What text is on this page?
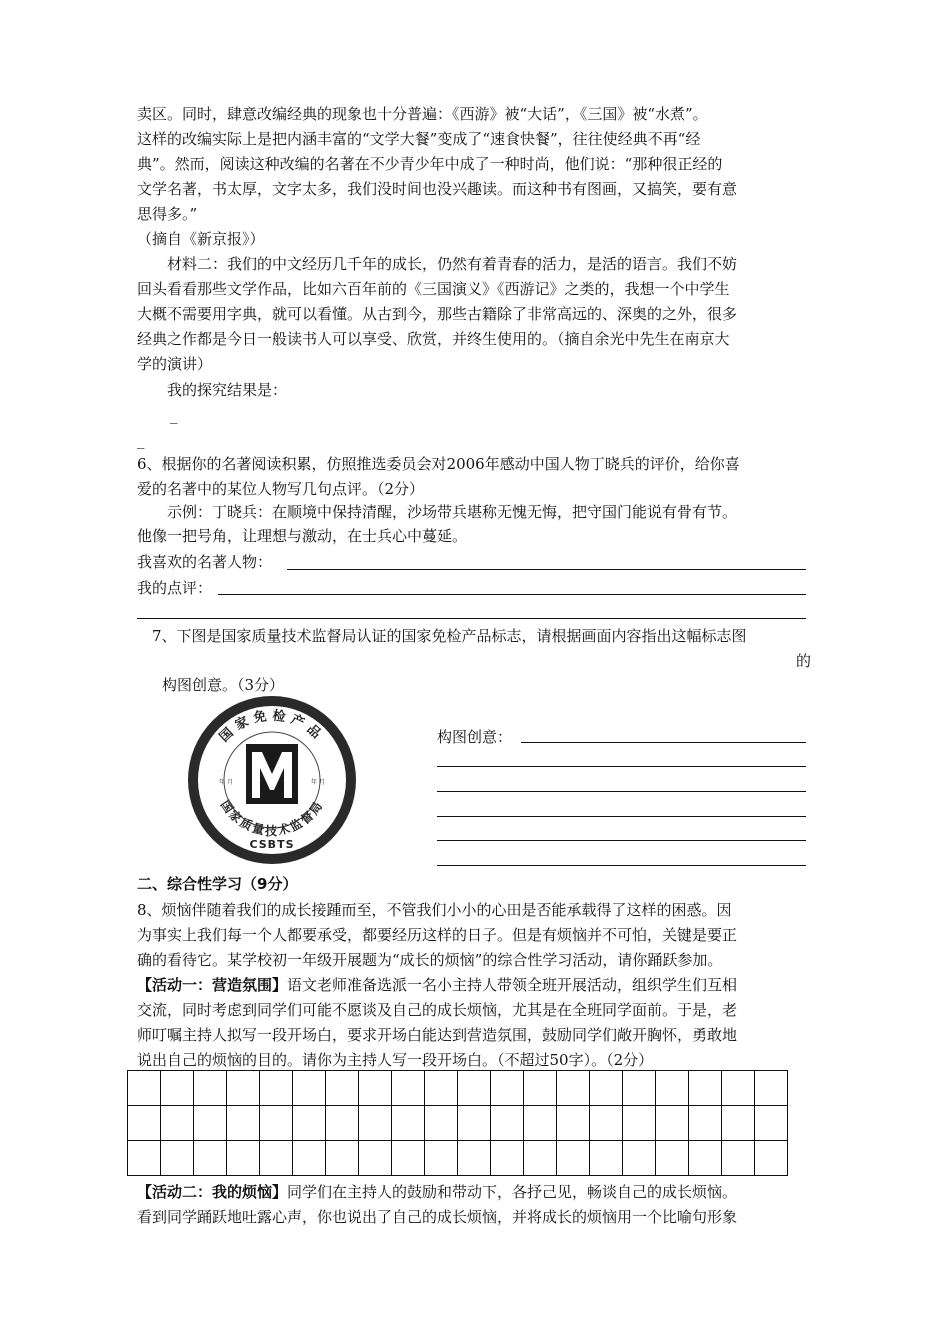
卖区。同时，肆意改编经典的现象也十分普遍：《西游》被“大话”，《三国》被“水煮”。
这样的改编实际上是把内涵丰富的“文学大餐”变成了“速食快餐”，往往使经典不再“经
典”。然而，阅读这种改编的名著在不少青少年中成了一种时尚，他们说：“那种很正经的
文学名著，书太厚，文字太多，我们没时间也没兴趣读。而这种书有图画，又搞笑，要有意
思得多。”
（摘自《新京报》）
材料二：我们的中文经历几千年的成长，仍然有着青春的活力，是活的语言。我们不妨
回头看看那些文学作品，比如六百年前的《三国演义》《西游记》之类的，我想一个中学生
大概不需要用字典，就可以看懂。从古到今，那些古籍除了非常高远的、深奥的之外，很多
经典之作都是今日一般读书人可以享受、欣赏，并终生使用的。（摘自余光中先生在南京大
学的演讲）
我的探究结果是：
_
_
6、根据你的名著阅读积累，仿照推选委员会对2006年感动中国人物丁晓兵的评价，给你喜
爱的名著中的某位人物写几句点评。（2分）
示例：丁晓兵：在顺境中保持清醒，沙场带兵堪称无愧无悔，把守国门能说有骨有节。
他像一把号角，让理想与激动，在士兵心中蔓延。
我喜欢的名著人物：
我的点评：
7、下图是国家质量技术监督局认证的国家免检产品标志，请根据画面内容指出这幅标志图
的
构图创意。（3分）
国家免检产品
国家质量技术监督局
M
年 月	年 月
CSBTS
构图创意：
二、综合性学习（9分）
8、烦恼伴随着我们的成长接踵而至，不管我们小小的心田是否能承载得了这样的困惑。因
为事实上我们每一个人都要承受，都要经历这样的日子。但是有烦恼并不可怕，关键是要正
确的看待它。某学校初一年级开展题为“成长的烦恼”的综合性学习活动，请你踊跃参加。
【活动一：营造氛围】语文老师准备选派一名小主持人带领全班开展活动，组织学生们互相
交流，同时考虑到同学们可能不愿谈及自己的成长烦恼，尤其是在全班同学面前。于是，老
师叮嘱主持人拟写一段开场白，要求开场白能达到营造氛围，鼓励同学们敞开胸怀，勇敢地
说出自己的烦恼的目的。请你为主持人写一段开场白。（不超过50字）。（2分）

【活动二：我的烦恼】同学们在主持人的鼓励和带动下，各抒己见，畅谈自己的成长烦恼。
看到同学踊跃地吐露心声，你也说出了自己的成长烦恼，并将成长的烦恼用一个比喻句形象
